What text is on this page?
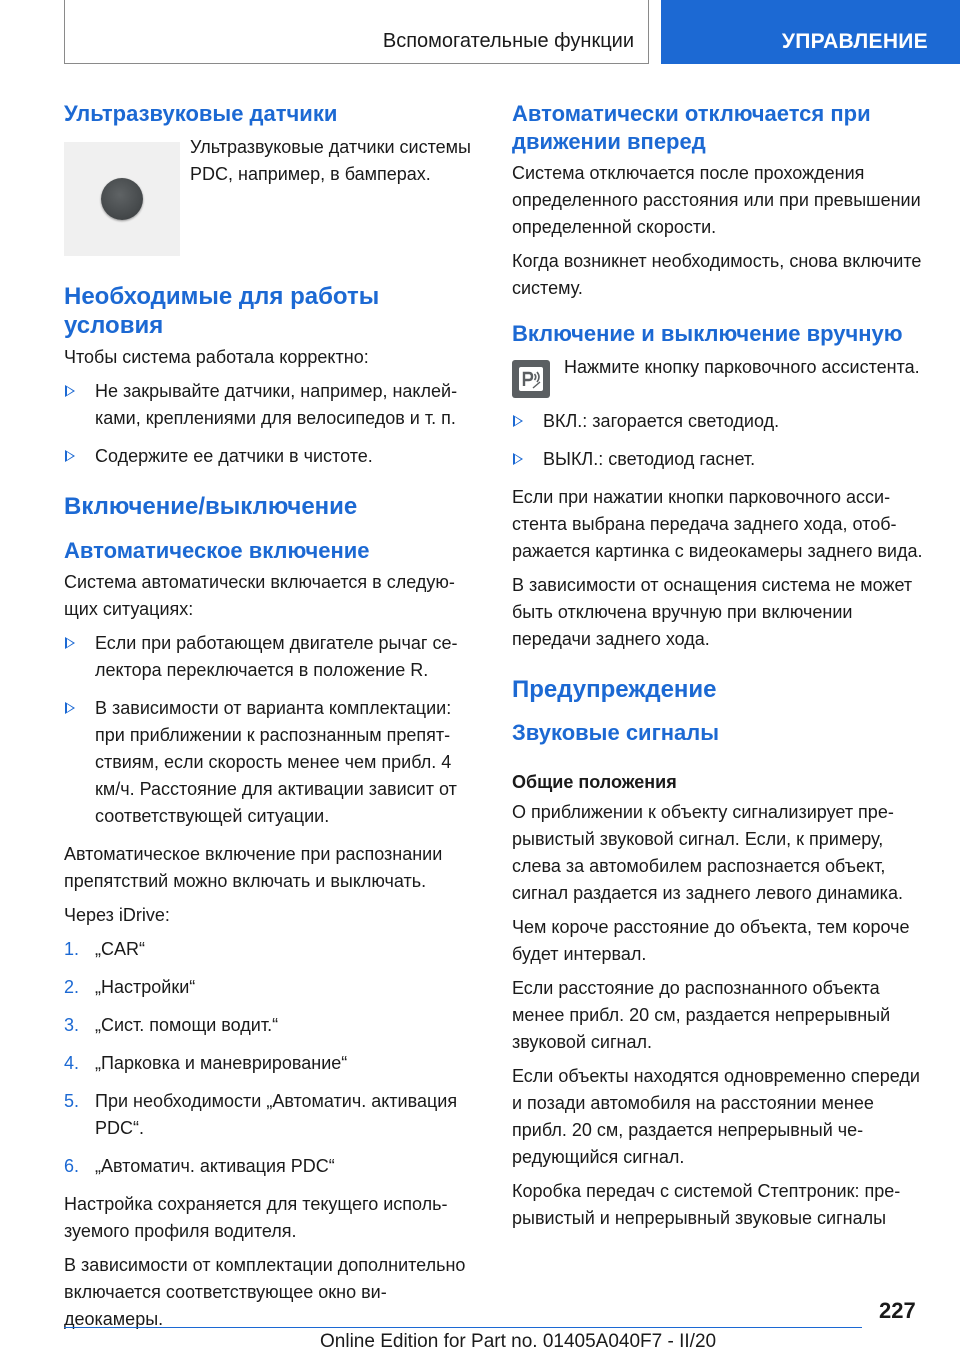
Вспомогательные функции	УПРАВЛЕНИЕ
Ультразвуковые датчики
Ультразвуковые датчики системы PDC, например, в бамперах.
Необходимые для работы условия

Чтобы система работала корректно:

Не закрывайте датчики, например, наклейками, креплениями для велосипедов и т. п.
Содержите ее датчики в чистоте.
Включение/выключение
Автоматическое включение

Система автоматически включается в следующих ситуациях:

Если при работающем двигателе рычаг селектора переключается в положение R.
В зависимости от варианта комплектации: при приближении к распознанным препятствиям, если скорость менее чем прибл. 4 км/ч. Расстояние для активации зависит от соответствующей ситуации.

Автоматическое включение при распознании препятствий можно включать и выключать.

Через iDrive:

1. „CAR“
2. „Настройки“
3. „Сист. помощи водит.“
4. „Парковка и маневрирование“
5. При необходимости „Автоматич. активация PDC“.
6. „Автоматич. активация PDC“

Настройка сохраняется для текущего используемого профиля водителя.

В зависимости от комплектации дополнительно включается соответствующее окно видеокамеры.

Автоматически отключается при движении вперед

Система отключается после прохождения определенного расстояния или при превышении определенной скорости.

Когда возникнет необходимость, снова включите систему.

Включение и выключение вручную
Нажмите кнопку парковочного ассистента.
ВКЛ.: загорается светодиод.
ВЫКЛ.: светодиод гаснет.

Если при нажатии кнопки парковочного ассистента выбрана передача заднего хода, отображается картинка с видеокамеры заднего вида.

В зависимости от оснащения система не может быть отключена вручную при включении передачи заднего хода.

Предупреждение
Звуковые сигналы
Общие положения

О приближении к объекту сигнализирует прерывистый звуковой сигнал. Если, к примеру, слева за автомобилем распознается объект, сигнал раздается из заднего левого динамика.

Чем короче расстояние до объекта, тем короче будет интервал.

Если расстояние до распознанного объекта менее прибл. 20 см, раздается непрерывный звуковой сигнал.

Если объекты находятся одновременно спереди и позади автомобиля на расстоянии менее прибл. 20 см, раздается непрерывный чередующийся сигнал.

Коробка передач с системой Стептроник: прерывистый и непрерывный звуковые сигналы

227
Online Edition for Part no. 01405A040F7 - II/20
